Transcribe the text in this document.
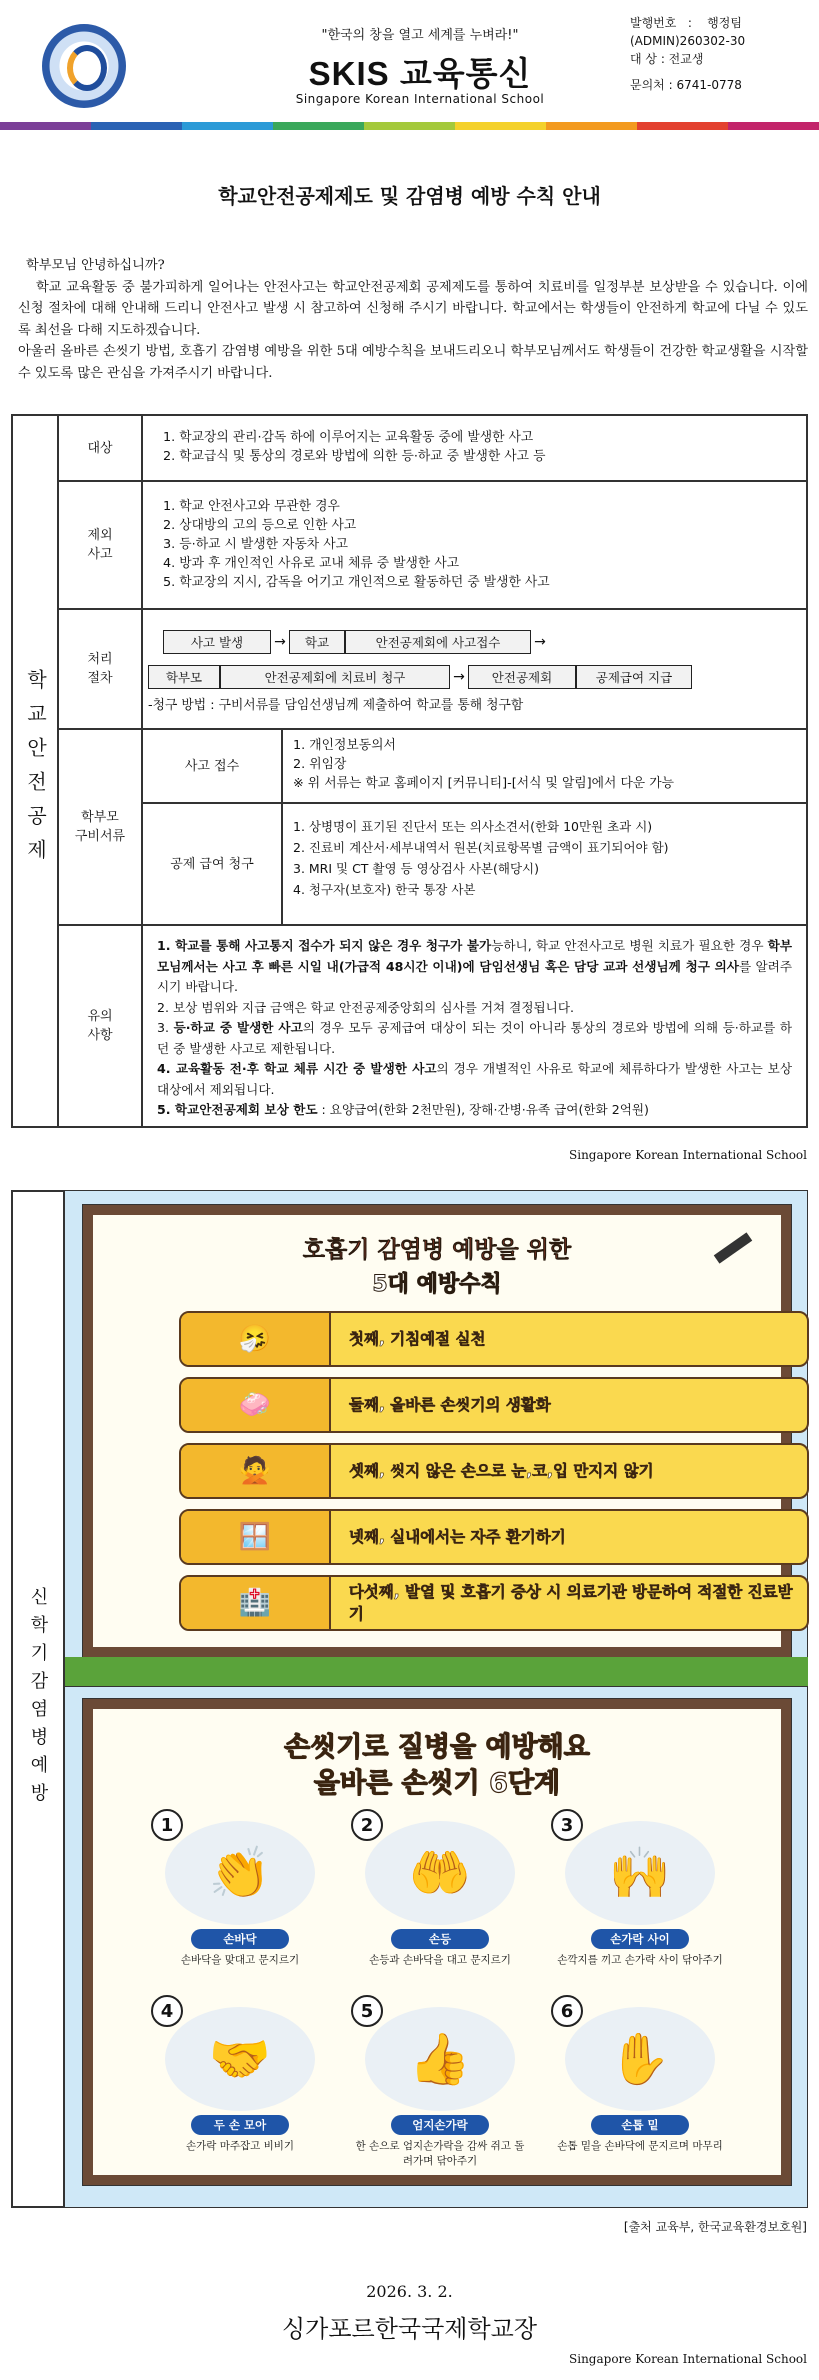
"한국의 창을 열고 세계를 누벼라!"
SKIS 교육통신
Singapore Korean International School
발행번호 : 행정팀
(ADMIN)260302-30
대 상 : 전교생
문의처 : 6741-0778
학교안전공제제도 및 감염병 예방 수칙 안내

학부모님 안녕하십니까?

학교 교육활동 중 불가피하게 일어나는 안전사고는 학교안전공제회 공제제도를 통하여 치료비를 일정부분 보상받을 수 있습니다. 이에 신청 절차에 대해 안내해 드리니 안전사고 발생 시 참고하여 신청해 주시기 바랍니다. 학교에서는 학생들이 안전하게 학교에 다닐 수 있도록 최선을 다해 지도하겠습니다.

아울러 올바른 손씻기 방법, 호흡기 감염병 예방을 위한 5대 예방수칙을 보내드리오니 학부모님께서도 학생들이 건강한 학교생활을 시작할 수 있도록 많은 관심을 가져주시기 바랍니다.

학교안전공제
대상
1. 학교장의 관리·감독 하에 이루어지는 교육활동 중에 발생한 사고
2. 학교급식 및 통상의 경로와 방법에 의한 등·하교 중 발생한 사고 등
제외
사고
1. 학교 안전사고와 무관한 경우
2. 상대방의 고의 등으로 인한 사고
3. 등·하교 시 발생한 자동차 사고
4. 방과 후 개인적인 사유로 교내 체류 중 발생한 사고
5. 학교장의 지시, 감독을 어기고 개인적으로 활동하던 중 발생한 사고
처리
절차
사고 발생	→	학교	안전공제회에 사고접수	→
학부모	안전공제회에 치료비 청구	→	안전공제회	공제급여 지급
-청구 방법 : 구비서류를 담임선생님께 제출하여 학교를 통해 청구함
학부모
구비서류
사고 접수
1. 개인정보동의서
2. 위임장
※ 위 서류는 학교 홈페이지 [커뮤니티]-[서식 및 알림]에서 다운 가능
공제 급여 청구
1. 상병명이 표기된 진단서 또는 의사소견서(한화 10만원 초과 시)
2. 진료비 계산서·세부내역서 원본(치료항목별 금액이 표기되어야 함)
3. MRI 및 CT 촬영 등 영상검사 사본(해당시)
4. 청구자(보호자) 한국 통장 사본
유의
사항
1. 학교를 통해 사고통지 접수가 되지 않은 경우 청구가 불가능하니, 학교 안전사고로 병원 치료가 필요한 경우 학부모님께서는 사고 후 빠른 시일 내(가급적 48시간 이내)에 담임선생님 혹은 담당 교과 선생님께 청구 의사를 알려주시기 바랍니다.
2. 보상 범위와 지급 금액은 학교 안전공제중앙회의 심사를 거쳐 결정됩니다.
3. 등·하교 중 발생한 사고의 경우 모두 공제급여 대상이 되는 것이 아니라 통상의 경로와 방법에 의해 등·하교를 하던 중 발생한 사고로 제한됩니다.
4. 교육활동 전·후 학교 체류 시간 중 발생한 사고의 경우 개별적인 사유로 학교에 체류하다가 발생한 사고는 보상 대상에서 제외됩니다.
5. 학교안전공제회 보상 한도 : 요양급여(한화 2천만원), 장해·간병·유족 급여(한화 2억원)
Singapore Korean International School
신학기감염병예방
호흡기 감염병 예방을 위한
5대 예방수칙
🤧	첫째, 기침예절 실천
🧼	둘째, 올바른 손씻기의 생활화
🙅	셋째, 씻지 않은 손으로 눈,코,입 만지지 않기
🪟	넷째, 실내에서는 자주 환기하기
🏥	다섯째, 발열 및 호흡기 증상 시 의료기관 방문하여 적절한 진료받기
손씻기로 질병을 예방해요
올바른 손씻기 6단계
👏
1
손바닥
손바닥을 맞대고 문지르기
🤲
2
손등
손등과 손바닥을 대고 문지르기
🙌
3
손가락 사이
손깍지를 끼고 손가락 사이 닦아주기
🤝
4
두 손 모아
손가락 마주잡고 비비기
👍
5
엄지손가락
한 손으로 엄지손가락을 감싸 쥐고 돌려가며 닦아주기
✋
6
손톱 밑
손톱 밑을 손바닥에 문지르며 마무리
[출처 교육부, 한국교육환경보호원]
2026. 3. 2.
싱가포르한국국제학교장
Singapore Korean International School
